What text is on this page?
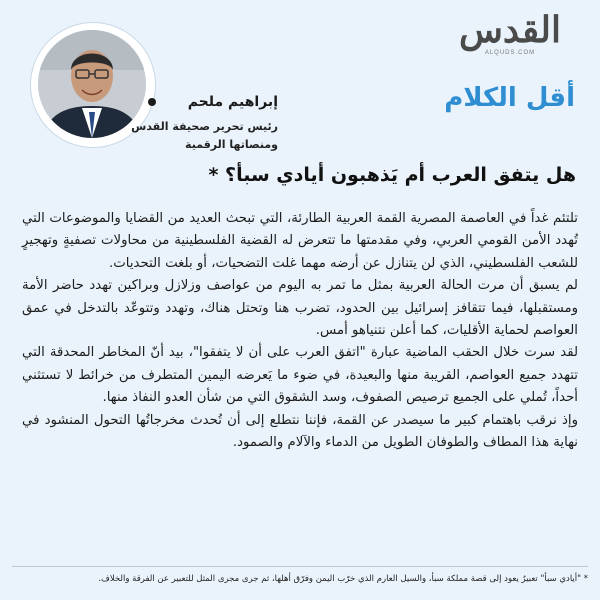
القدس
ALQUDS.COM
أقل الكلام
إبراهيم ملحم
رئيس تحرير صحيفة القدس
ومنصاتها الرقمية
هل يتفق العرب أم يَذهبون أيادي سبأ؟ *

تلتئم غداً في العاصمة المصرية القمة العربية الطارئة، التي تبحث العديد من القضايا والموضوعات التي تُهدد الأمن القومي العربي، وفي مقدمتها ما تتعرض له القضية الفلسطينية من محاولات تصفيةٍ وتهجيرٍ للشعب الفلسطيني، الذي لن يتنازل عن أرضه مهما غلت التضحيات، أو بلغت التحديات.

لم يسبق أن مرت الحالة العربية بمثل ما تمر به اليوم من عواصف وزلازل وبراكين تهدد حاضر الأمة ومستقبلها، فيما تتقافز إسرائيل بين الحدود، تضرب هنا وتحتل هناك، وتهدد وتتوعّد بالتدخل في عمق العواصم لحماية الأقليات، كما أعلن نتنياهو أمس.

لقد سرت خلال الحقب الماضية عبارة "اتفق العرب على أن لا يتفقوا"، بيد أنّ المخاطر المحدقة التي تتهدد جميع العواصم، القريبة منها والبعيدة، في ضوء ما يَعرضه اليمين المتطرف من خرائط لا تستثني أحداً، تُملي على الجميع ترصيص الصفوف، وسد الشقوق التي من شأن العدو النفاذ منها.

وإذ نرقب باهتمام كبير ما سيصدر عن القمة، فإننا نتطلع إلى أن تُحدث مخرجاتُها التحول المنشود في نهاية هذا المطاف والطوفان الطويل من الدماء والآلام والصمود.

* "أيادي سبأ" تعبيرٌ يعود إلى قصة مملكة سبأ، والسيل العارم الذي خرّب اليمن وفرّق أهلها، ثم جرى مجرى المثل للتعبير عن الفرقة والخلاف.
